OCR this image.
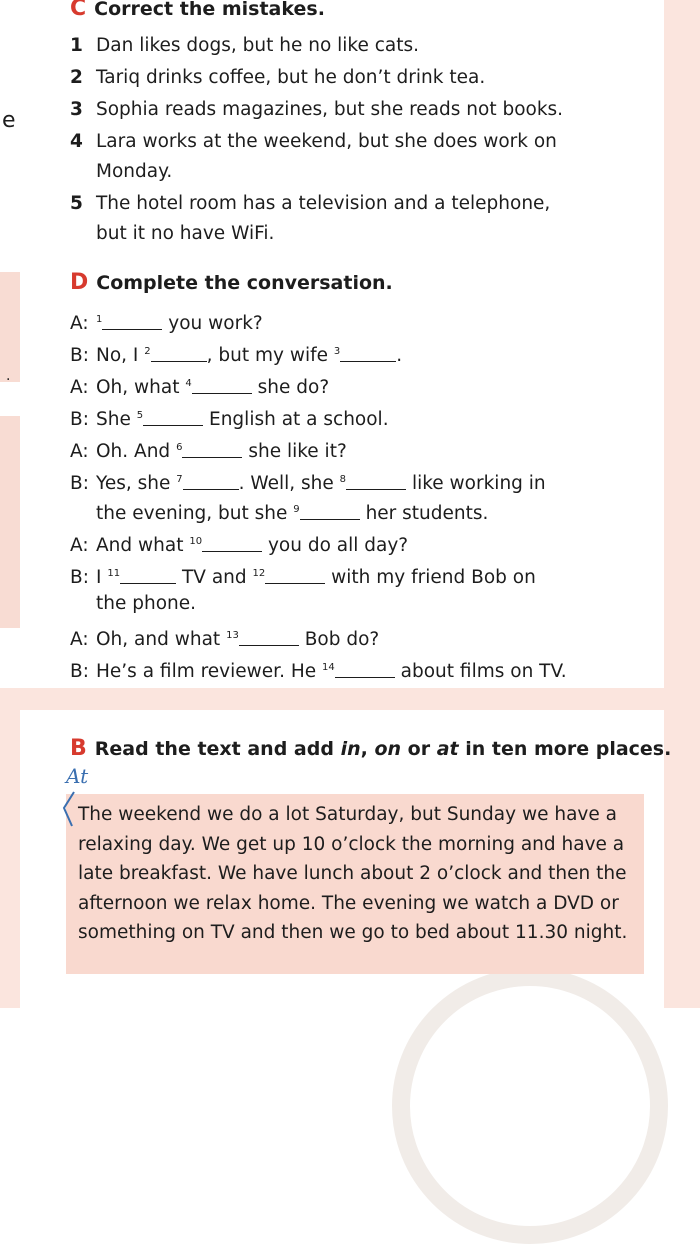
e
.
C Correct the mistakes.
1 Dan likes dogs, but he no like cats.
2 Tariq drinks coffee, but he don’t drink tea.
3 Sophia reads magazines, but she reads not books.
4 Lara works at the weekend, but she does work on
Monday.
5 The hotel room has a television and a telephone,
but it no have WiFi.
D Complete the conversation.
A: $^1$	you work?
B: No, I $^2$	, but my wife $^3$	.
A: Oh, what $^4$	she do?
B: She $^5$	English at a school.
A: Oh. And $^6$	she like it?
B: Yes, she $^7$	. Well, she $^8$	like working in
the evening, but she $^9$	her students.
A: And what $^{10}$	you do all day?
B: I $^{11}$	TV and $^{12}$	with my friend Bob on
the phone.
A: Oh, and what $^{13}$	Bob do?
B: He’s a film reviewer. He $^{14}$	about films on TV.
B Read the text and add in, on or at in ten more places.
At
The weekend we do a lot Saturday, but Sunday we have a relaxing day. We get up 10 o’clock the morning and have a late breakfast. We have lunch about 2 o’clock and then the afternoon we relax home. The evening we watch a DVD or something on TV and then we go to bed about 11.30 night.
